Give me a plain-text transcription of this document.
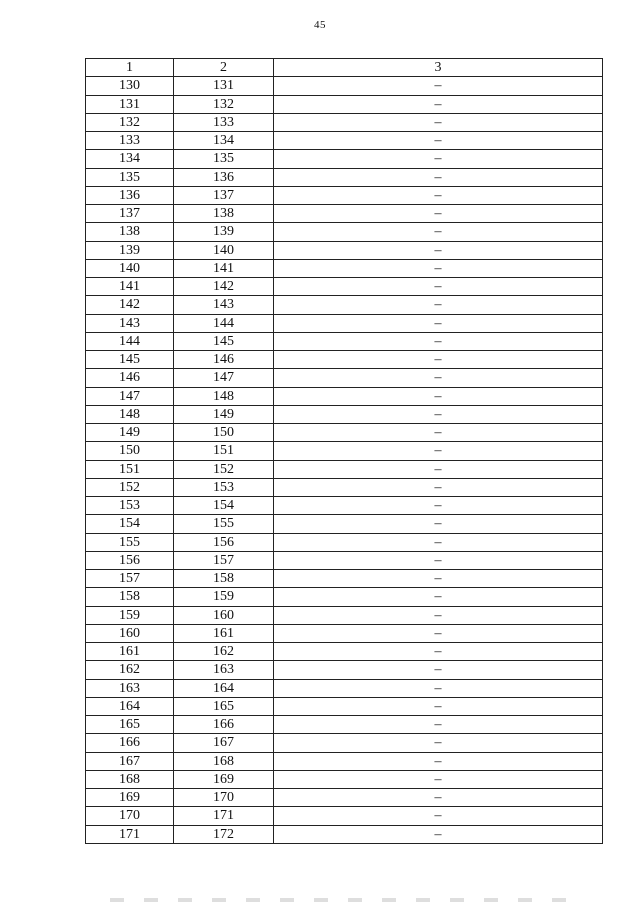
45
1	2	3
130	131	–
131	132	–
132	133	–
133	134	–
134	135	–
135	136	–
136	137	–
137	138	–
138	139	–
139	140	–
140	141	–
141	142	–
142	143	–
143	144	–
144	145	–
145	146	–
146	147	–
147	148	–
148	149	–
149	150	–
150	151	–
151	152	–
152	153	–
153	154	–
154	155	–
155	156	–
156	157	–
157	158	–
158	159	–
159	160	–
160	161	–
161	162	–
162	163	–
163	164	–
164	165	–
165	166	–
166	167	–
167	168	–
168	169	–
169	170	–
170	171	–
171	172	–
